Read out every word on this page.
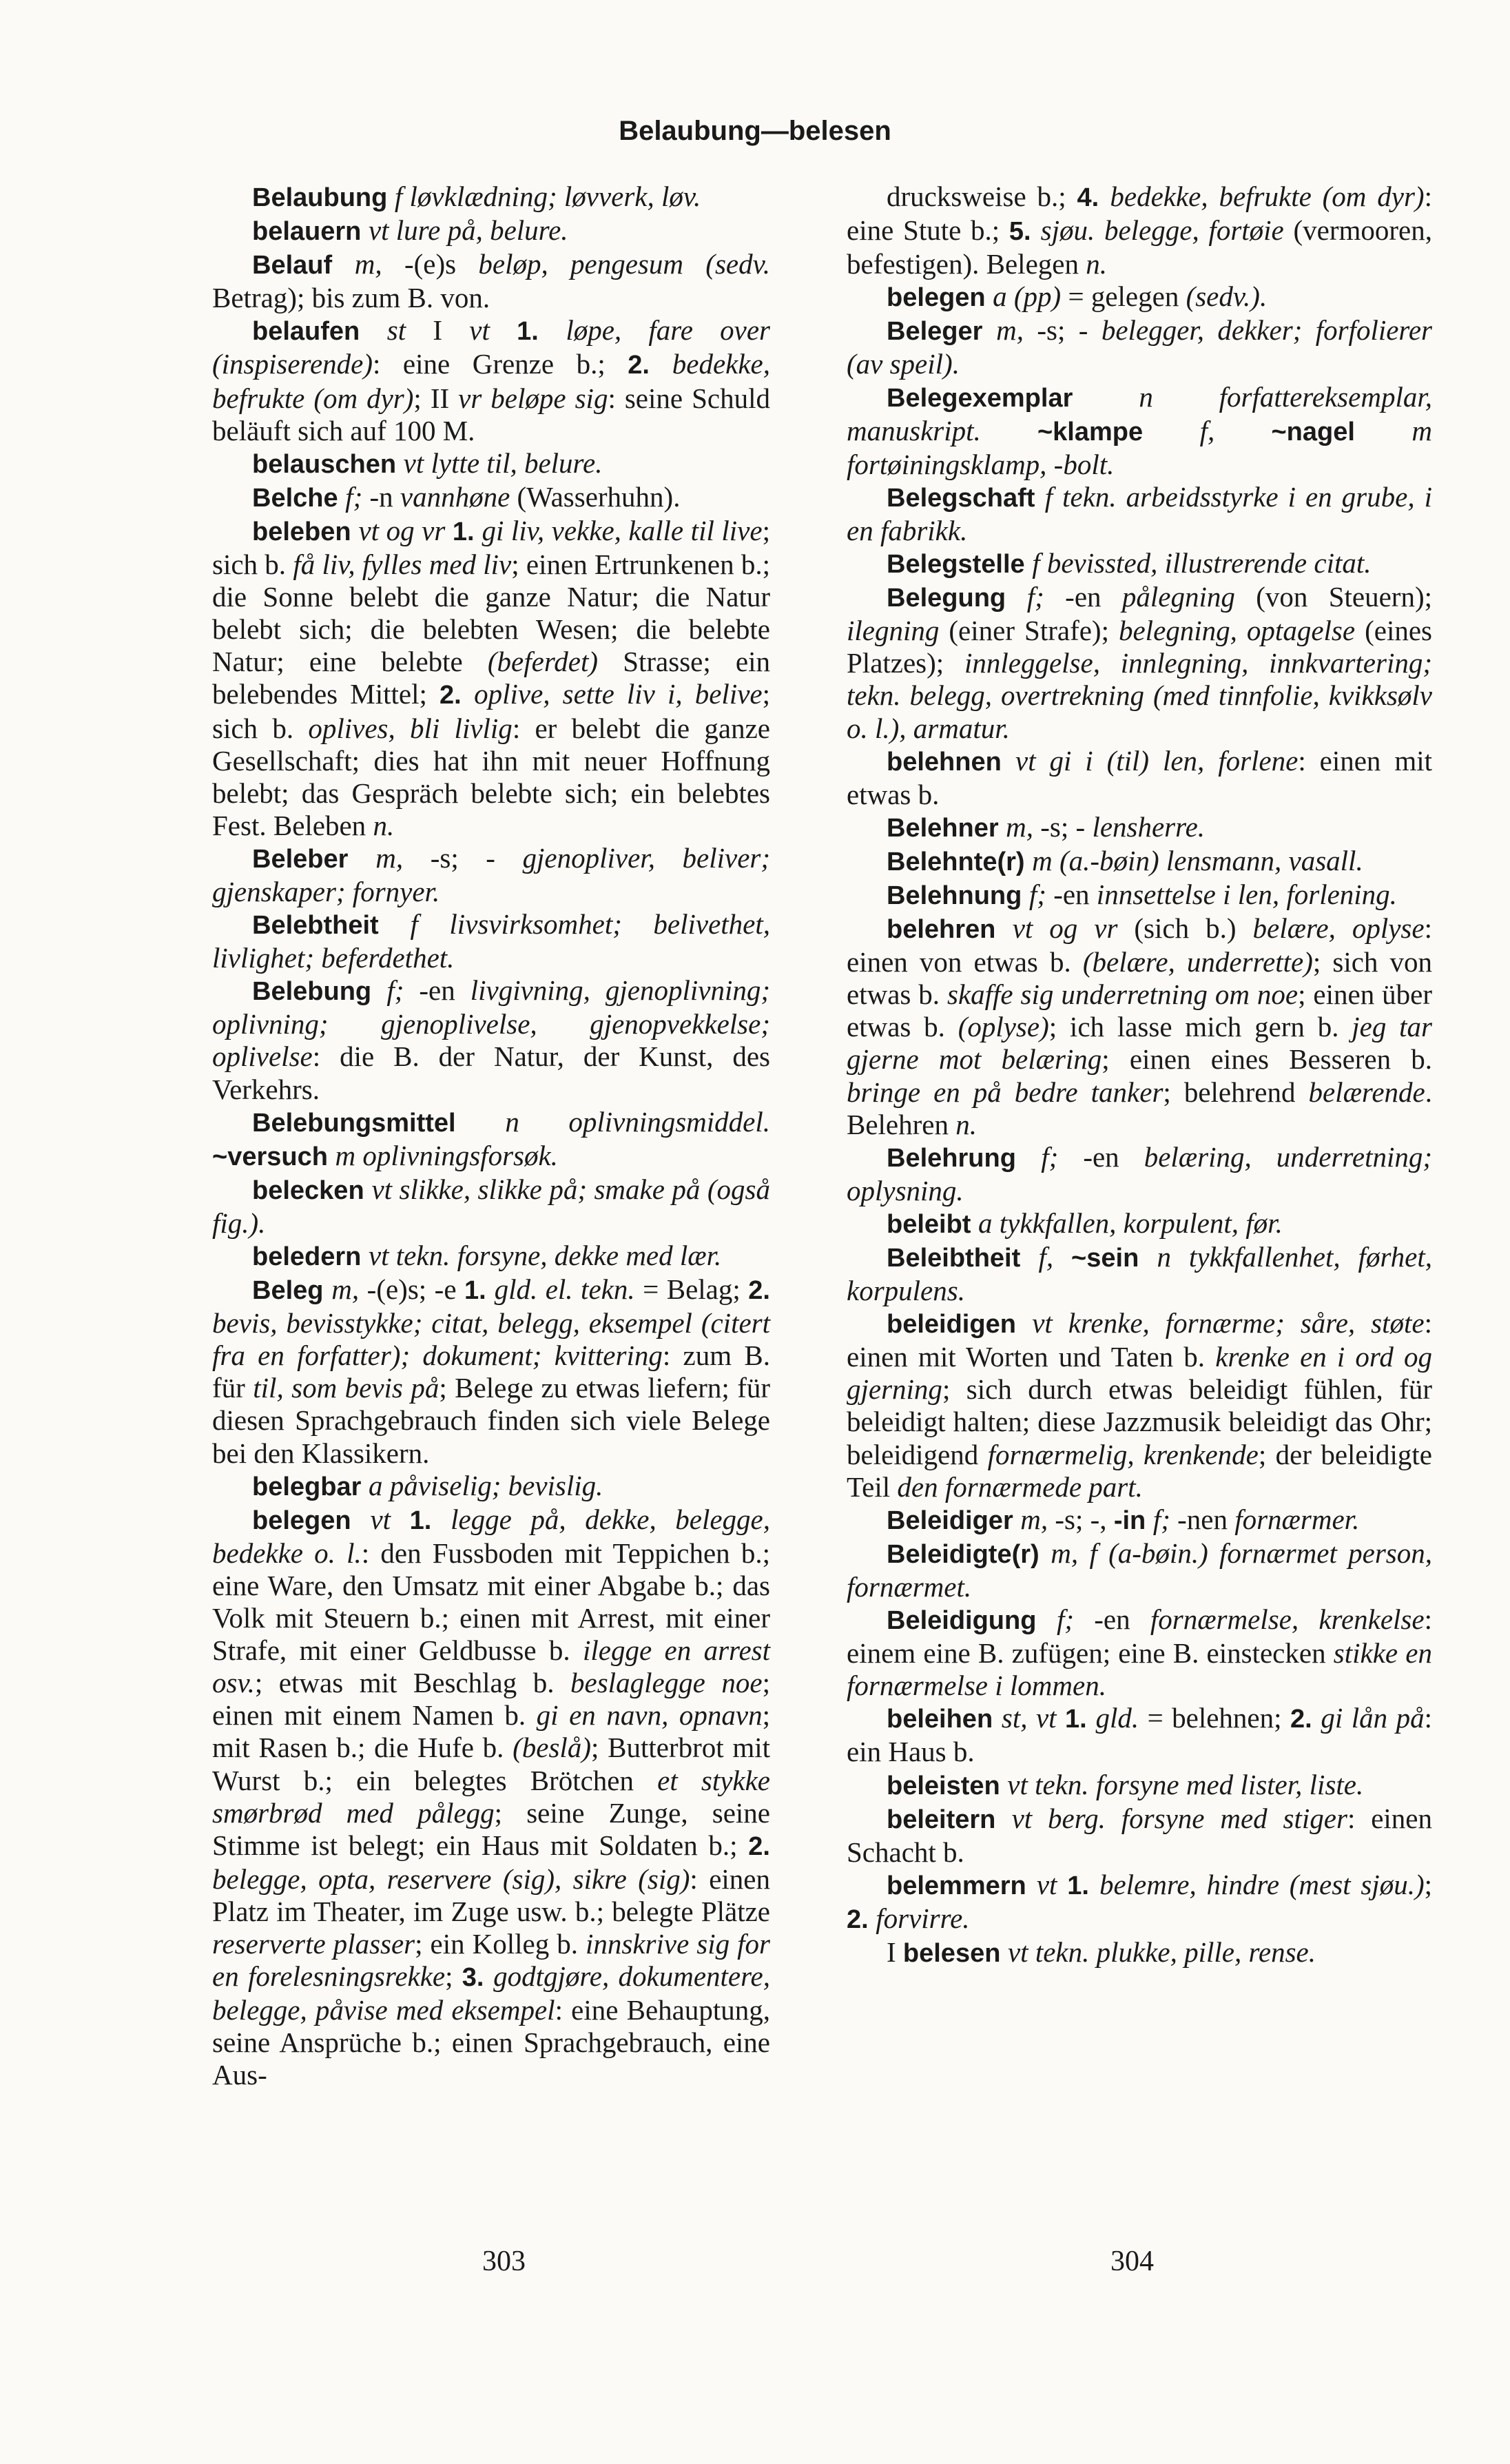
Belaubung—belesen

Belaubung f løvklædning; løvverk, løv.

belauern vt lure på, belure.

Belauf m, -(e)s beløp, pengesum (sedv. Betrag); bis zum B. von.

belaufen st I vt 1. løpe, fare over (inspiserende): eine Grenze b.; 2. bedekke, befrukte (om dyr); II vr beløpe sig: seine Schuld beläuft sich auf 100 M.

belauschen vt lytte til, belure.

Belche f; -n vannhøne (Wasserhuhn).

beleben vt og vr 1. gi liv, vekke, kalle til live; sich b. få liv, fylles med liv; einen Ertrunkenen b.; die Sonne belebt die ganze Natur; die Natur belebt sich; die belebten Wesen; die belebte Natur; eine belebte (beferdet) Strasse; ein belebendes Mittel; 2. oplive, sette liv i, belive; sich b. oplives, bli livlig: er belebt die ganze Gesellschaft; dies hat ihn mit neuer Hoffnung belebt; das Gespräch belebte sich; ein belebtes Fest. Beleben n.

Beleber m, -s; - gjenopliver, beliver; gjenskaper; fornyer.

Belebtheit f livsvirksomhet; belivethet, livlighet; beferdethet.

Belebung f; -en livgivning, gjenoplivning; oplivning; gjenoplivelse, gjenopvekkelse; oplivelse: die B. der Natur, der Kunst, des Verkehrs.

Belebungsmittel n oplivningsmiddel. ~versuch m oplivningsforsøk.

belecken vt slikke, slikke på; smake på (også fig.).

beledern vt tekn. forsyne, dekke med lær.

Beleg m, -(e)s; -e 1. gld. el. tekn. = Belag; 2. bevis, bevisstykke; citat, belegg, eksempel (citert fra en forfatter); dokument; kvittering: zum B. für til, som bevis på; Belege zu etwas liefern; für diesen Sprachgebrauch finden sich viele Belege bei den Klassikern.

belegbar a påviselig; bevislig.

belegen vt 1. legge på, dekke, belegge, bedekke o. l.: den Fussboden mit Teppichen b.; eine Ware, den Umsatz mit einer Abgabe b.; das Volk mit Steuern b.; einen mit Arrest, mit einer Strafe, mit einer Geldbusse b. ilegge en arrest osv.; etwas mit Beschlag b. beslaglegge noe; einen mit einem Namen b. gi en navn, opnavn; mit Rasen b.; die Hufe b. (beslå); Butterbrot mit Wurst b.; ein belegtes Brötchen et stykke smørbrød med pålegg; seine Zunge, seine Stimme ist belegt; ein Haus mit Soldaten b.; 2. belegge, opta, reservere (sig), sikre (sig): einen Platz im Theater, im Zuge usw. b.; belegte Plätze reserverte plasser; ein Kolleg b. innskrive sig for en forelesningsrekke; 3. godtgjøre, dokumentere, belegge, påvise med eksempel: eine Behauptung, seine Ansprüche b.; einen Sprachgebrauch, eine Aus-

drucksweise b.; 4. bedekke, befrukte (om dyr): eine Stute b.; 5. sjøu. belegge, fortøie (vermooren, befestigen). Belegen n.

belegen a (pp) = gelegen (sedv.).

Beleger m, -s; - belegger, dekker; forfolierer (av speil).

Belegexemplar n forfattereksemplar, manuskript. ~klampe f, ~nagel m fortøiningsklamp, -bolt.

Belegschaft f tekn. arbeidsstyrke i en grube, i en fabrikk.

Belegstelle f bevissted, illustrerende citat.

Belegung f; -en pålegning (von Steuern); ilegning (einer Strafe); belegning, optagelse (eines Platzes); innleggelse, innlegning, innkvartering; tekn. belegg, overtrekning (med tinnfolie, kvikksølv o. l.), armatur.

belehnen vt gi i (til) len, forlene: einen mit etwas b.

Belehner m, -s; - lensherre.

Belehnte(r) m (a.-bøin) lensmann, vasall.

Belehnung f; -en innsettelse i len, forlening.

belehren vt og vr (sich b.) belære, oplyse: einen von etwas b. (belære, underrette); sich von etwas b. skaffe sig underretning om noe; einen über etwas b. (oplyse); ich lasse mich gern b. jeg tar gjerne mot belæring; einen eines Besseren b. bringe en på bedre tanker; belehrend belærende. Belehren n.

Belehrung f; -en belæring, underretning; oplysning.

beleibt a tykkfallen, korpulent, før.

Beleibtheit f, ~sein n tykkfallenhet, førhet, korpulens.

beleidigen vt krenke, fornærme; såre, støte: einen mit Worten und Taten b. krenke en i ord og gjerning; sich durch etwas beleidigt fühlen, für beleidigt halten; diese Jazzmusik beleidigt das Ohr; beleidigend fornærmelig, krenkende; der beleidigte Teil den fornærmede part.

Beleidiger m, -s; -, -in f; -nen fornærmer.

Beleidigte(r) m, f (a-bøin.) fornærmet person, fornærmet.

Beleidigung f; -en fornærmelse, krenkelse: einem eine B. zufügen; eine B. einstecken stikke en fornærmelse i lommen.

beleihen st, vt 1. gld. = belehnen; 2. gi lån på: ein Haus b.

beleisten vt tekn. forsyne med lister, liste.

beleitern vt berg. forsyne med stiger: einen Schacht b.

belemmern vt 1. belemre, hindre (mest sjøu.); 2. forvirre.

I belesen vt tekn. plukke, pille, rense.

303	304
